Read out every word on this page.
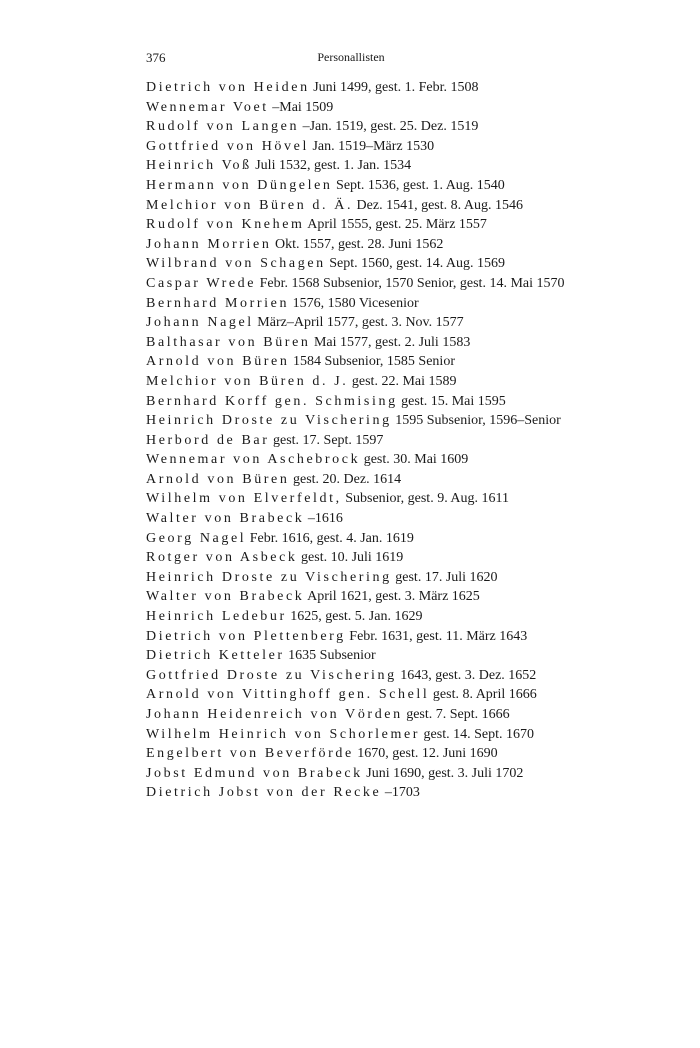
376	Personallisten
Dietrich von Heiden Juni 1499, gest. 1. Febr. 1508
Wennemar Voet –Mai 1509
Rudolf von Langen –Jan. 1519, gest. 25. Dez. 1519
Gottfried von Hövel Jan. 1519–März 1530
Heinrich Voß Juli 1532, gest. 1. Jan. 1534
Hermann von Düngelen Sept. 1536, gest. 1. Aug. 1540
Melchior von Büren d. Ä. Dez. 1541, gest. 8. Aug. 1546
Rudolf von Knehem April 1555, gest. 25. März 1557
Johann Morrien Okt. 1557, gest. 28. Juni 1562
Wilbrand von Schagen Sept. 1560, gest. 14. Aug. 1569
Caspar Wrede Febr. 1568 Subsenior, 1570 Senior, gest. 14. Mai 1570
Bernhard Morrien 1576, 1580 Vicesenior
Johann Nagel März–April 1577, gest. 3. Nov. 1577
Balthasar von Büren Mai 1577, gest. 2. Juli 1583
Arnold von Büren 1584 Subsenior, 1585 Senior
Melchior von Büren d. J. gest. 22. Mai 1589
Bernhard Korff gen. Schmising gest. 15. Mai 1595
Heinrich Droste zu Vischering 1595 Subsenior, 1596–Senior
Herbord de Bar gest. 17. Sept. 1597
Wennemar von Aschebrock gest. 30. Mai 1609
Arnold von Büren gest. 20. Dez. 1614
Wilhelm von Elverfeldt, Subsenior, gest. 9. Aug. 1611
Walter von Brabeck –1616
Georg Nagel Febr. 1616, gest. 4. Jan. 1619
Rotger von Asbeck gest. 10. Juli 1619
Heinrich Droste zu Vischering gest. 17. Juli 1620
Walter von Brabeck April 1621, gest. 3. März 1625
Heinrich Ledebur 1625, gest. 5. Jan. 1629
Dietrich von Plettenberg Febr. 1631, gest. 11. März 1643
Dietrich Ketteler 1635 Subsenior
Gottfried Droste zu Vischering 1643, gest. 3. Dez. 1652
Arnold von Vittinghoff gen. Schell gest. 8. April 1666
Johann Heidenreich von Vörden gest. 7. Sept. 1666
Wilhelm Heinrich von Schorlemer gest. 14. Sept. 1670
Engelbert von Beverförde 1670, gest. 12. Juni 1690
Jobst Edmund von Brabeck Juni 1690, gest. 3. Juli 1702
Dietrich Jobst von der Recke –1703
